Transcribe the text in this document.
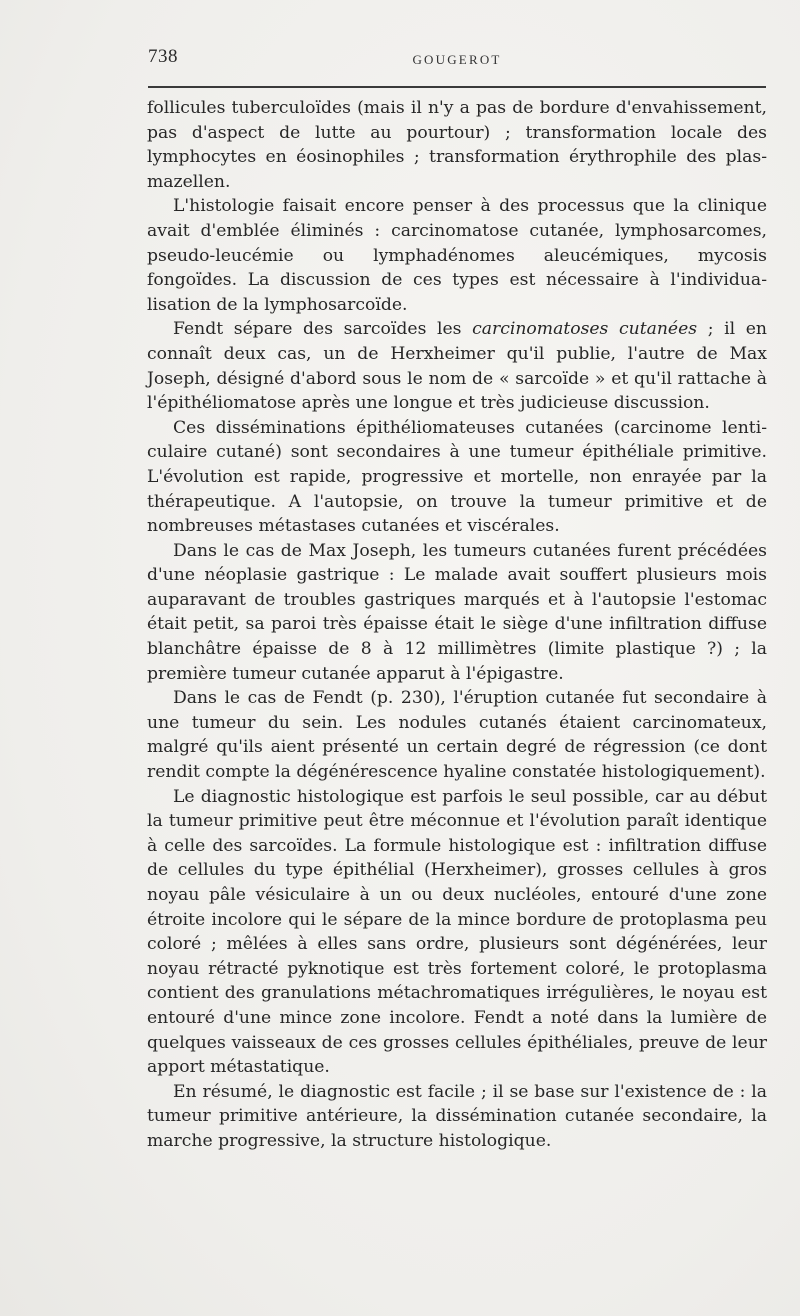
738	GOUGEROT

follicules tuberculoïdes (mais il n'y a pas de bordure d'envahissement, pas d'aspect de lutte au pourtour) ; transformation locale des lymphocytes en éosinophiles ; transformation érythrophile des plasmazellen.

L'histologie faisait encore penser à des processus que la clinique avait d'emblée éliminés : carcinomatose cutanée, lymphosarcomes, pseudo-leucémie ou lymphadénomes aleucémiques, mycosis fongoïdes. La discussion de ces types est nécessaire à l'individualisation de la lymphosarcoïde.

Fendt sépare des sarcoïdes les carcinomatoses cutanées ; il en connaît deux cas, un de Herxheimer qu'il publie, l'autre de Max Joseph, désigné d'abord sous le nom de « sarcoïde » et qu'il rattache à l'épithéliomatose après une longue et très judicieuse discussion.

Ces disséminations épithéliomateuses cutanées (carcinome lenticulaire cutané) sont secondaires à une tumeur épithéliale primitive. L'évolution est rapide, progressive et mortelle, non enrayée par la thérapeutique. A l'autopsie, on trouve la tumeur primitive et de nombreuses métastases cutanées et viscérales.

Dans le cas de Max Joseph, les tumeurs cutanées furent précédées d'une néoplasie gastrique : Le malade avait souffert plusieurs mois auparavant de troubles gastriques marqués et à l'autopsie l'estomac était petit, sa paroi très épaisse était le siège d'une infiltration diffuse blanchâtre épaisse de 8 à 12 millimètres (limite plastique ?) ; la première tumeur cutanée apparut à l'épigastre.

Dans le cas de Fendt (p. 230), l'éruption cutanée fut secondaire à une tumeur du sein. Les nodules cutanés étaient carcinomateux, malgré qu'ils aient présenté un certain degré de régression (ce dont rendit compte la dégénérescence hyaline constatée histologiquement).

Le diagnostic histologique est parfois le seul possible, car au début la tumeur primitive peut être méconnue et l'évolution paraît identique à celle des sarcoïdes. La formule histologique est : infiltration diffuse de cellules du type épithélial (Herxheimer), grosses cellules à gros noyau pâle vésiculaire à un ou deux nucléoles, entouré d'une zone étroite incolore qui le sépare de la mince bordure de protoplasma peu coloré ; mêlées à elles sans ordre, plusieurs sont dégénérées, leur noyau rétracté pyknotique est très fortement coloré, le protoplasma contient des granulations métachromatiques irrégulières, le noyau est entouré d'une mince zone incolore. Fendt a noté dans la lumière de quelques vaisseaux de ces grosses cellules épithéliales, preuve de leur apport métastatique.

En résumé, le diagnostic est facile ; il se base sur l'existence de : la tumeur primitive antérieure, la dissémination cutanée secondaire, la marche progressive, la structure histologique.
